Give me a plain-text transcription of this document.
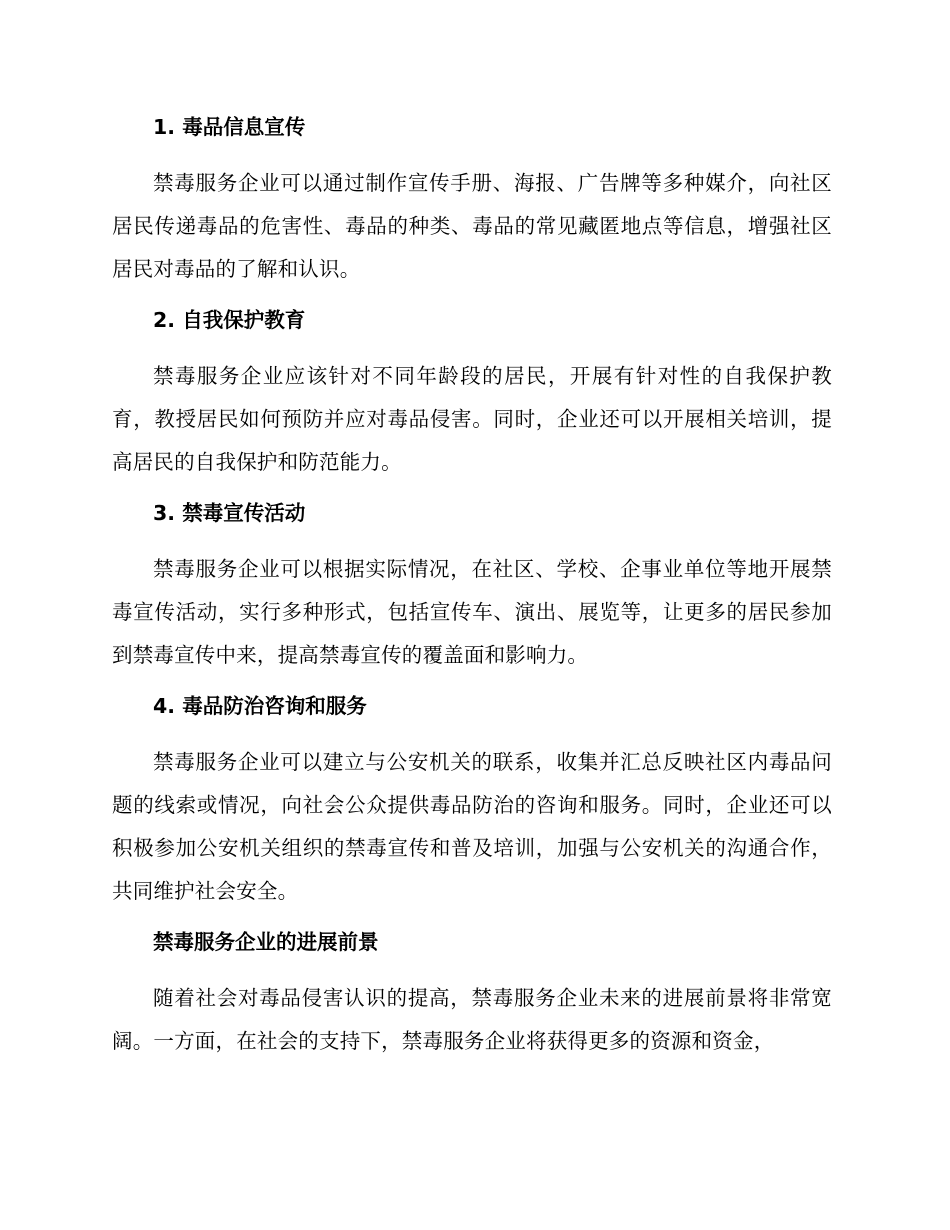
1. 毒品信息宣传

禁毒服务企业可以通过制作宣传手册、海报、广告牌等多种媒介，向社区居民传递毒品的危害性、毒品的种类、毒品的常见藏匿地点等信息，增强社区居民对毒品的了解和认识。

2. 自我保护教育

禁毒服务企业应该针对不同年龄段的居民，开展有针对性的自我保护教育，教授居民如何预防并应对毒品侵害。同时，企业还可以开展相关培训，提高居民的自我保护和防范能力。

3. 禁毒宣传活动

禁毒服务企业可以根据实际情况，在社区、学校、企事业单位等地开展禁毒宣传活动，实行多种形式，包括宣传车、演出、展览等，让更多的居民参加到禁毒宣传中来，提高禁毒宣传的覆盖面和影响力。

4. 毒品防治咨询和服务

禁毒服务企业可以建立与公安机关的联系，收集并汇总反映社区内毒品问题的线索或情况，向社会公众提供毒品防治的咨询和服务。同时，企业还可以积极参加公安机关组织的禁毒宣传和普及培训，加强与公安机关的沟通合作，共同维护社会安全。

禁毒服务企业的进展前景

随着社会对毒品侵害认识的提高，禁毒服务企业未来的进展前景将非常宽阔。一方面，在社会的支持下，禁毒服务企业将获得更多的资源和资金，
